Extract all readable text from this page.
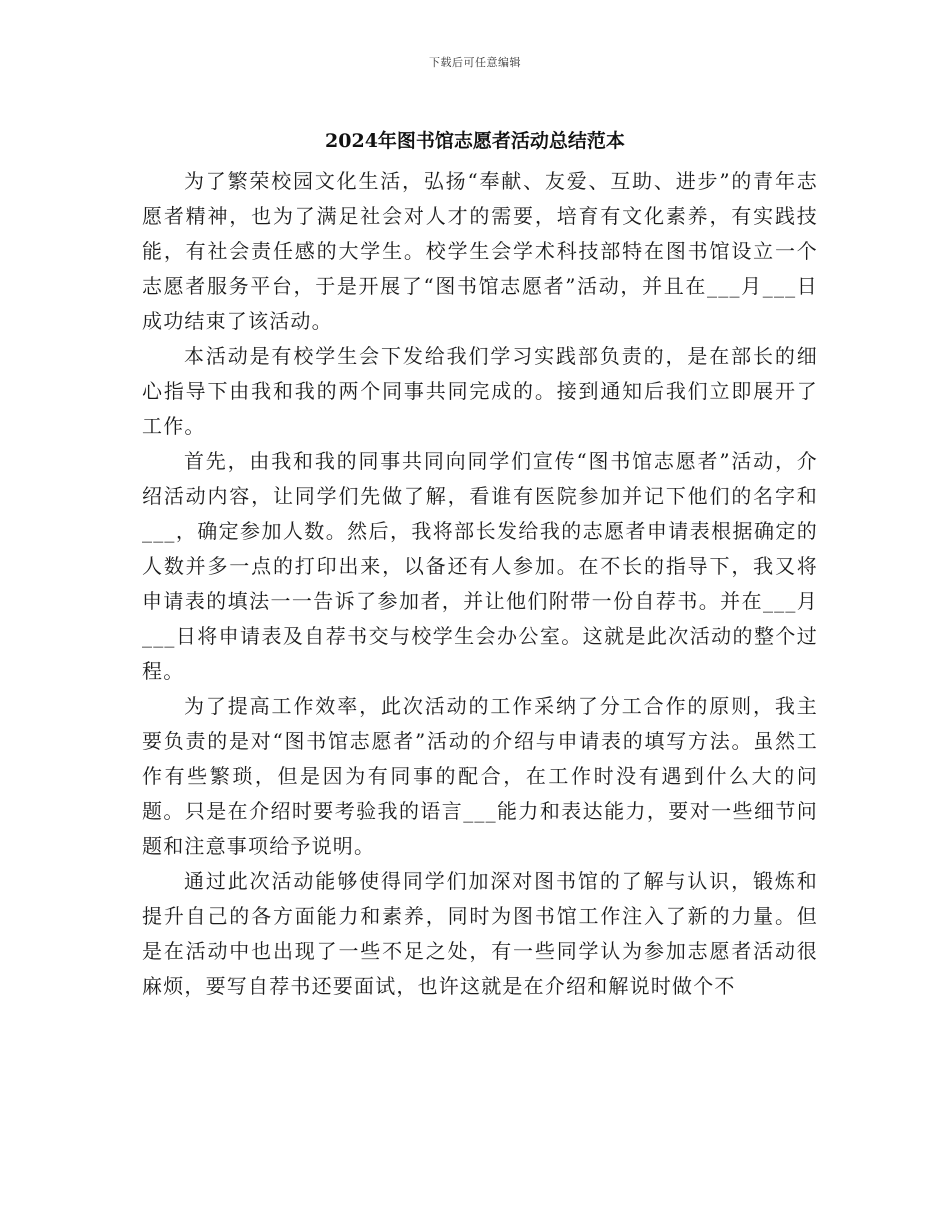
下载后可任意编辑
2024年图书馆志愿者活动总结范本

为了繁荣校园文化生活，弘扬“奉献、友爱、互助、进步”的青年志愿者精神，也为了满足社会对人才的需要，培育有文化素养，有实践技能，有社会责任感的大学生。校学生会学术科技部特在图书馆设立一个志愿者服务平台，于是开展了“图书馆志愿者”活动，并且在___月___日成功结束了该活动。

本活动是有校学生会下发给我们学习实践部负责的，是在部长的细心指导下由我和我的两个同事共同完成的。接到通知后我们立即展开了工作。

首先，由我和我的同事共同向同学们宣传“图书馆志愿者”活动，介绍活动内容，让同学们先做了解，看谁有医院参加并记下他们的名字和___，确定参加人数。然后，我将部长发给我的志愿者申请表根据确定的人数并多一点的打印出来，以备还有人参加。在不长的指导下，我又将申请表的填法一一告诉了参加者，并让他们附带一份自荐书。并在___月___日将申请表及自荐书交与校学生会办公室。这就是此次活动的整个过程。

为了提高工作效率，此次活动的工作采纳了分工合作的原则，我主要负责的是对“图书馆志愿者”活动的介绍与申请表的填写方法。虽然工作有些繁琐，但是因为有同事的配合，在工作时没有遇到什么大的问题。只是在介绍时要考验我的语言___能力和表达能力，要对一些细节问题和注意事项给予说明。

通过此次活动能够使得同学们加深对图书馆的了解与认识，锻炼和提升自己的各方面能力和素养，同时为图书馆工作注入了新的力量。但是在活动中也出现了一些不足之处，有一些同学认为参加志愿者活动很麻烦，要写自荐书还要面试，也许这就是在介绍和解说时做个不
